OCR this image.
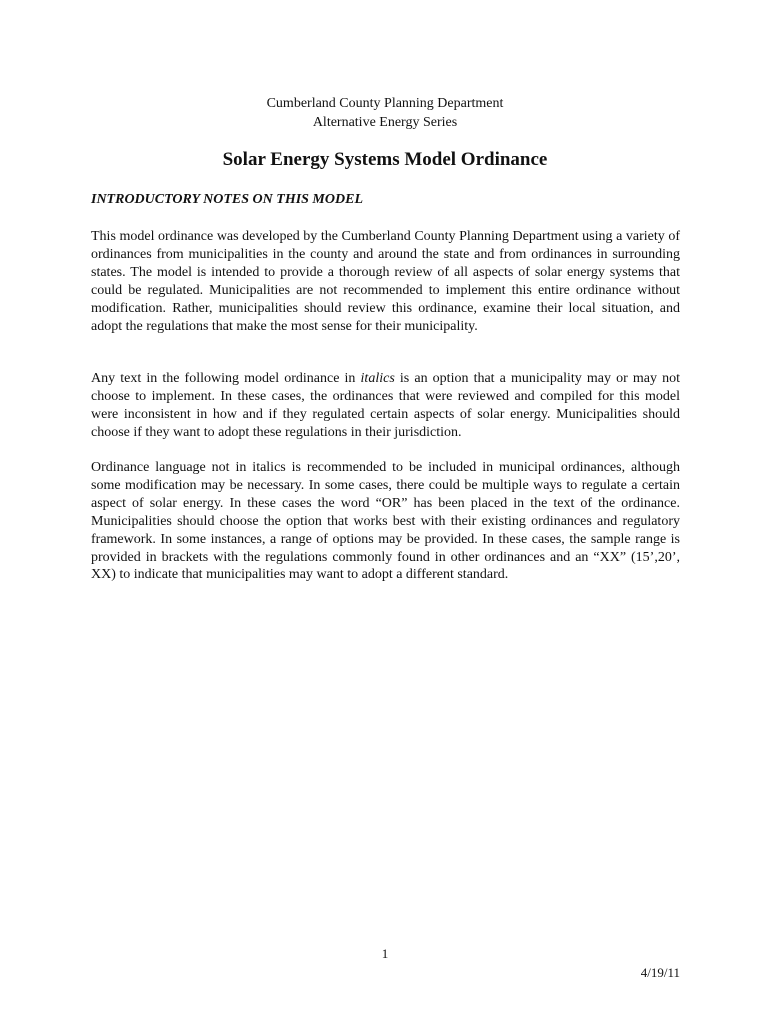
Cumberland County Planning Department
Alternative Energy Series
Solar Energy Systems Model Ordinance
INTRODUCTORY NOTES ON THIS MODEL

This model ordinance was developed by the Cumberland County Planning Department using a variety of ordinances from municipalities in the county and around the state and from ordinances in surrounding states. The model is intended to provide a thorough review of all aspects of solar energy systems that could be regulated. Municipalities are not recommended to implement this entire ordinance without modification. Rather, municipalities should review this ordinance, examine their local situation, and adopt the regulations that make the most sense for their municipality.

Any text in the following model ordinance in italics is an option that a municipality may or may not choose to implement. In these cases, the ordinances that were reviewed and compiled for this model were inconsistent in how and if they regulated certain aspects of solar energy. Municipalities should choose if they want to adopt these regulations in their jurisdiction.

Ordinance language not in italics is recommended to be included in municipal ordinances, although some modification may be necessary. In some cases, there could be multiple ways to regulate a certain aspect of solar energy. In these cases the word “OR” has been placed in the text of the ordinance. Municipalities should choose the option that works best with their existing ordinances and regulatory framework. In some instances, a range of options may be provided. In these cases, the sample range is provided in brackets with the regulations commonly found in other ordinances and an “XX” (15’,20’, XX) to indicate that municipalities may want to adopt a different standard.

1
4/19/11
